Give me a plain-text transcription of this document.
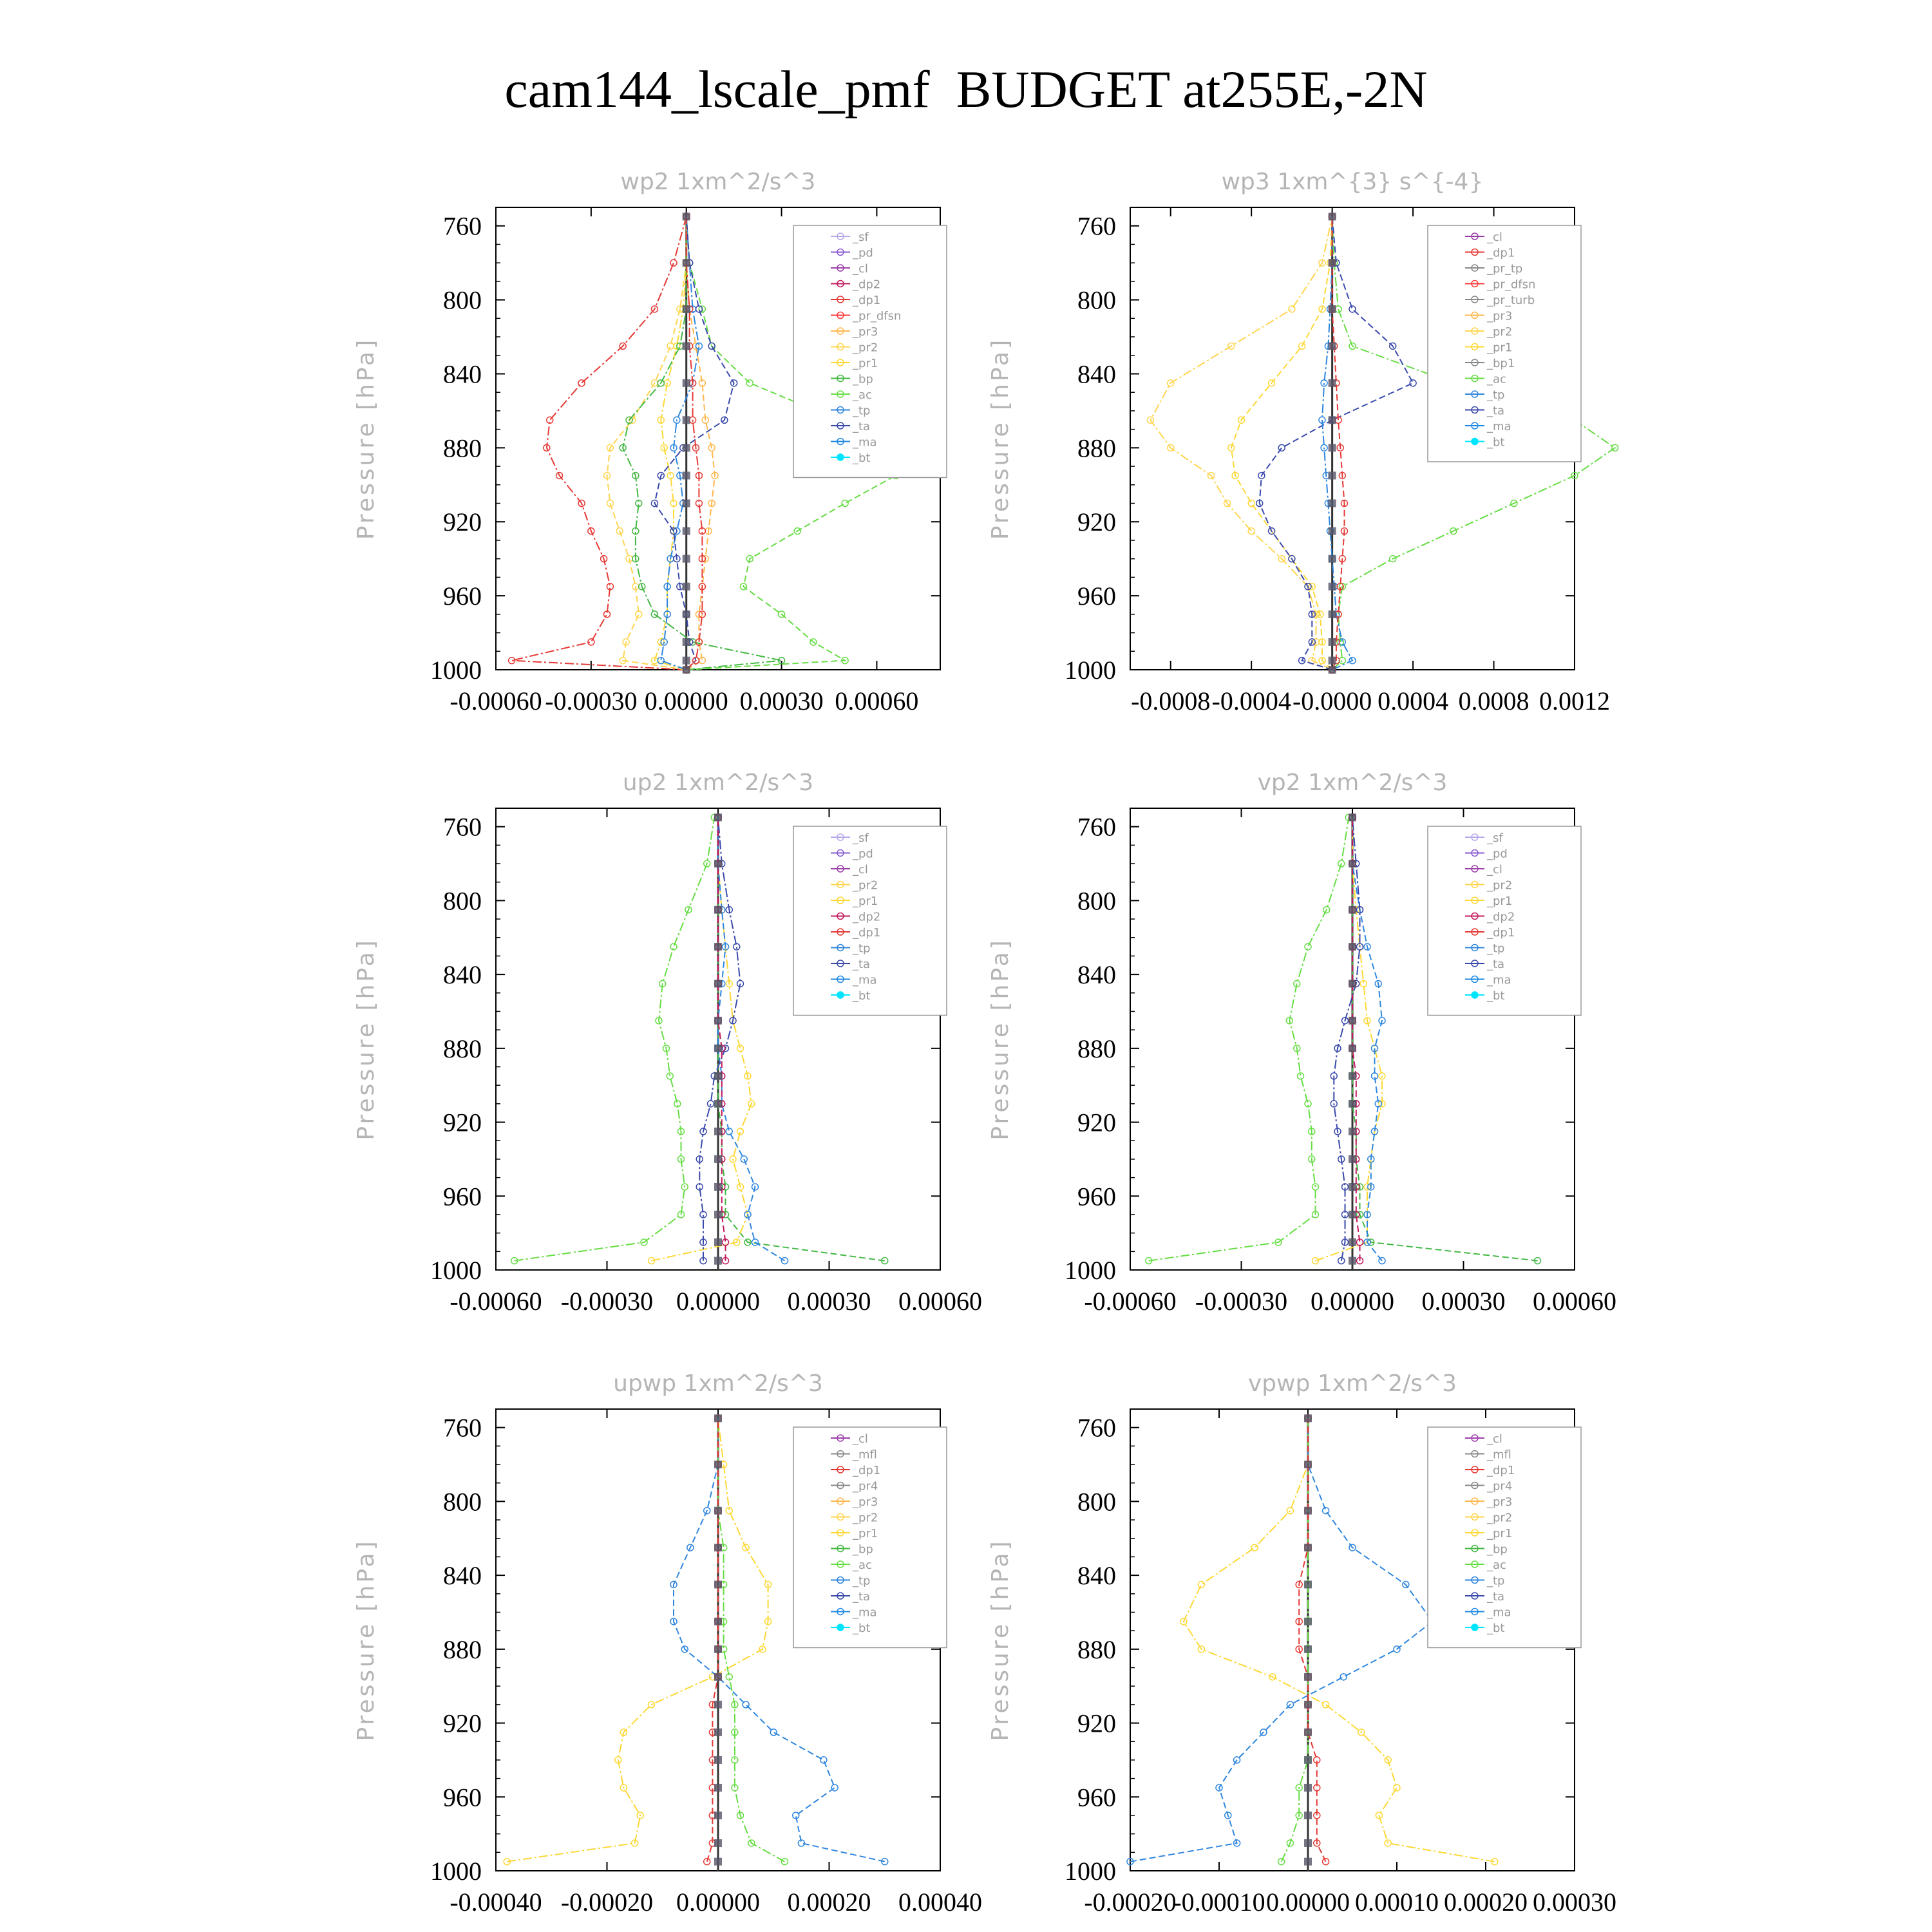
cam144_lscale_pmf  BUDGET at255E,-2N
wp2 1xm^2/s^3
Pressure [hPa]
760
800
840
880
920
960
1000
-0.00060 -0.00030 0.00000 0.00030 0.00060
_sf
_pd
_cl
_dp2
_dp1
_pr_dfsn
_pr3
_pr2
_pr1
_bp
_ac
_tp
_ta
_ma
_bt
wp3 1xm^{3} s^{-4}
Pressure [hPa]
760
800
840
880
920
960
1000
-0.0008 -0.0004 -0.0000 0.0004 0.0008 0.0012
_cl
_dp1
_pr_tp
_pr_dfsn
_pr_turb
_pr3
_pr2
_pr1
_bp1
_ac
_tp
_ta
_ma
_bt
up2 1xm^2/s^3
Pressure [hPa]
760
800
840
880
920
960
1000
-0.00060 -0.00030 0.00000 0.00030 0.00060
_sf
_pd
_cl
_pr2
_pr1
_dp2
_dp1
_tp
_ta
_ma
_bt
vp2 1xm^2/s^3
Pressure [hPa]
760
800
840
880
920
960
1000
-0.00060 -0.00030 0.00000 0.00030 0.00060
_sf
_pd
_cl
_pr2
_pr1
_dp2
_dp1
_tp
_ta
_ma
_bt
upwp 1xm^2/s^3
Pressure [hPa]
760
800
840
880
920
960
1000
-0.00040 -0.00020 0.00000 0.00020 0.00040
_cl
_mfl
_dp1
_pr4
_pr3
_pr2
_pr1
_bp
_ac
_tp
_ta
_ma
_bt
vpwp 1xm^2/s^3
Pressure [hPa]
760
800
840
880
920
960
1000
-0.00020
-0.00010 0.00000 0.00010 0.00020 0.00030
_cl
_mfl
_dp1
_pr4
_pr3
_pr2
_pr1
_bp
_ac
_tp
_ta
_ma
_bt
